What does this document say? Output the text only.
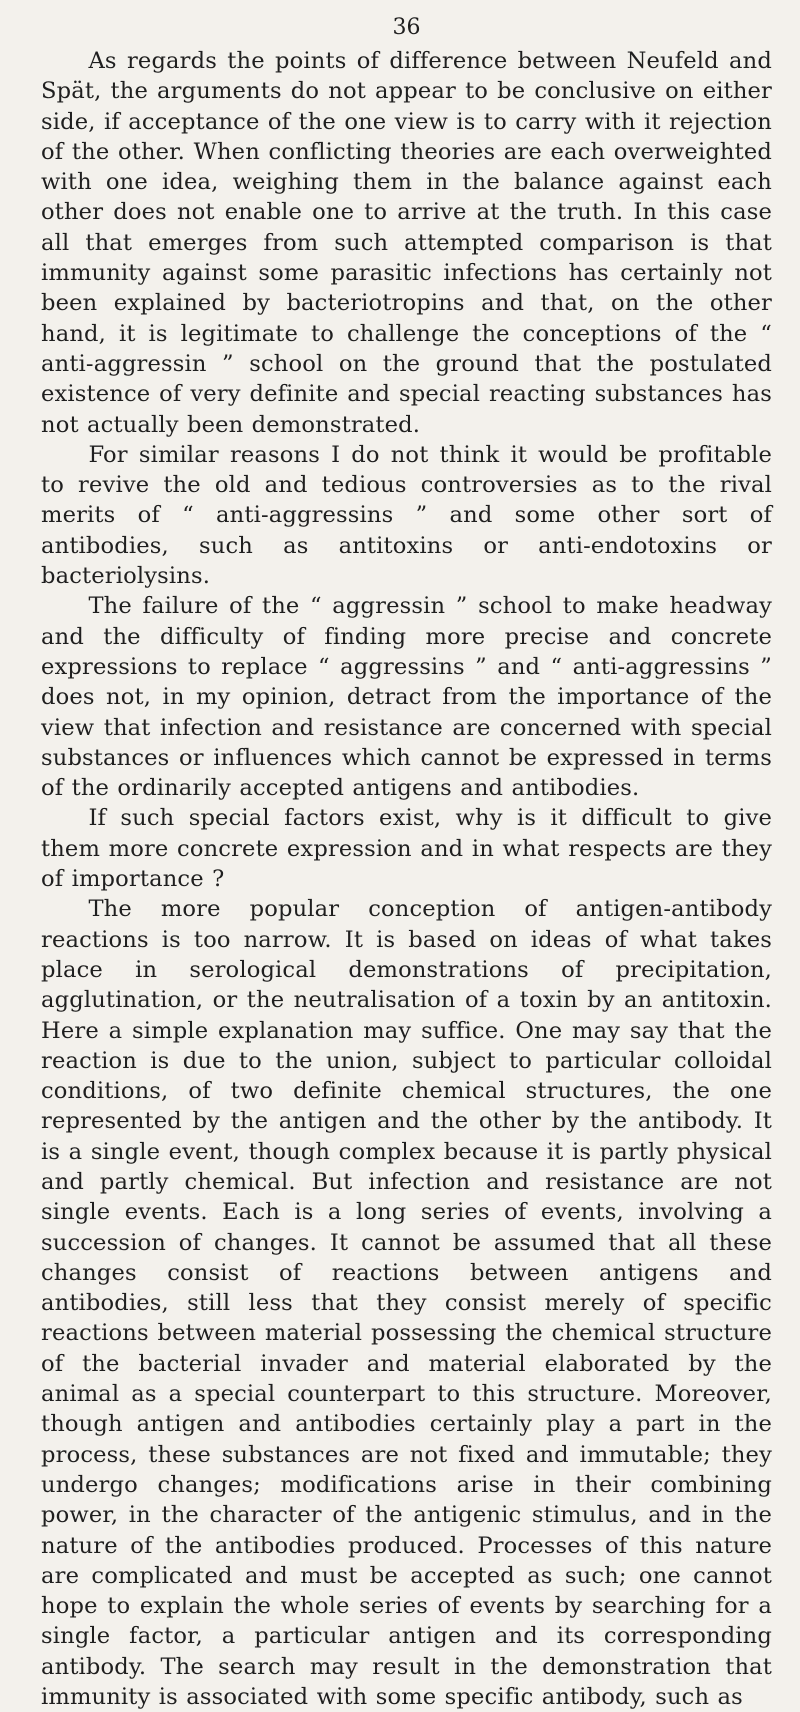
36

As regards the points of difference between Neufeld and Spät, the arguments do not appear to be conclusive on either side, if acceptance of the one view is to carry with it rejection of the other. When conflicting theories are each overweighted with one idea, weighing them in the balance against each other does not enable one to arrive at the truth. In this case all that emerges from such attempted comparison is that immunity against some parasitic infections has certainly not been explained by bacteriotropins and that, on the other hand, it is legitimate to challenge the conceptions of the “ anti-aggressin ” school on the ground that the postulated existence of very definite and special reacting substances has not actually been demonstrated.

For similar reasons I do not think it would be profitable to revive the old and tedious controversies as to the rival merits of “ anti-aggressins ” and some other sort of antibodies, such as antitoxins or anti-endotoxins or bacteriolysins.

The failure of the “ aggressin ” school to make headway and the difficulty of finding more precise and concrete expressions to replace “ aggressins ” and “ anti-aggressins ” does not, in my opinion, detract from the importance of the view that infection and resistance are concerned with special substances or influences which cannot be expressed in terms of the ordinarily accepted antigens and antibodies.

If such special factors exist, why is it difficult to give them more concrete expression and in what respects are they of importance ?

The more popular conception of antigen-antibody reactions is too narrow. It is based on ideas of what takes place in serological demonstrations of precipitation, agglutination, or the neutralisation of a toxin by an antitoxin. Here a simple explanation may suffice. One may say that the reaction is due to the union, subject to particular colloidal conditions, of two definite chemical structures, the one represented by the antigen and the other by the antibody. It is a single event, though complex because it is partly physical and partly chemical. But infection and resistance are not single events. Each is a long series of events, involving a succession of changes. It cannot be assumed that all these changes consist of reactions between antigens and antibodies, still less that they consist merely of specific reactions between material possessing the chemical structure of the bacterial invader and material elaborated by the animal as a special counterpart to this structure. Moreover, though antigen and antibodies certainly play a part in the process, these substances are not fixed and immutable; they undergo changes; modifications arise in their combining power, in the character of the antigenic stimulus, and in the nature of the antibodies produced. Processes of this nature are complicated and must be accepted as such; one cannot hope to explain the whole series of events by searching for a single factor, a particular antigen and its corresponding antibody. The search may result in the demonstration that immunity is associated with some specific antibody, such as
